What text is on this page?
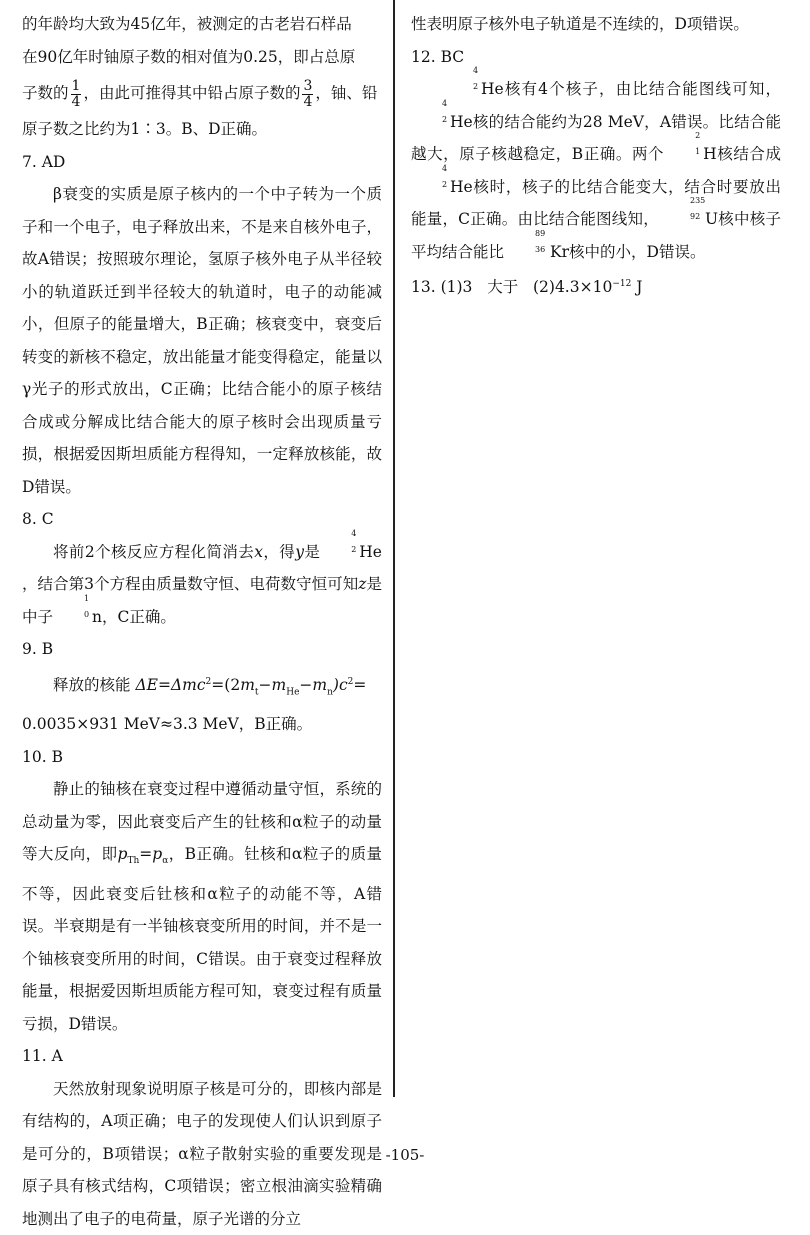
的年龄均大致为45亿年，被测定的古老岩石样品

在90亿年时铀原子数的相对值为0.25，即占总原

子数的 $\frac{1}{4}$ ，由此可推得其中铅占原子数的 $\frac{3}{4}$ ，铀、铅

原子数之比约为1∶3。B、D正确。

7. AD

β衰变的实质是原子核内的一个中子转为一个质子和一个电子，电子释放出来，不是来自核外电子，故A错误；按照玻尔理论，氢原子核外电子从半径较小的轨道跃迁到半径较大的轨道时，电子的动能减小，但原子的能量增大，B正确；核衰变中，衰变后转变的新核不稳定，放出能量才能变得稳定，能量以γ光子的形式放出，C正确；比结合能小的原子核结合成或分解成比结合能大的原子核时会出现质量亏损，根据爱因斯坦质能方程得知，一定释放核能，故D错误。

8. C

将前2个核反应方程化简消去x，得y是
4
2 He，结合第3个方程由质量数守恒、电荷数守恒可知z是中子
1
0 n，C正确。

9. B

释放的核能 $\Delta E=\Delta mc^2=(2m_t-m_{He}-m_n)c^2=$

0.0035×931 MeV≈3.3 MeV，B正确。

10. B

静止的铀核在衰变过程中遵循动量守恒，系统的总动量为零，因此衰变后产生的钍核和α粒子的动量等大反向，即$p_{Th}=p_\alpha$，B正确。钍核和α粒子的质量不等，因此衰变后钍核和α粒子的动能不等，A错误。半衰期是有一半铀核衰变所用的时间，并不是一个铀核衰变所用的时间，C错误。由于衰变过程释放能量，根据爱因斯坦质能方程可知，衰变过程有质量亏损，D错误。

11. A

天然放射现象说明原子核是可分的，即核内部是有结构的，A项正确；电子的发现使人们认识到原子是可分的，B项错误；α粒子散射实验的重要发现是原子具有核式结构，C项错误；密立根油滴实验精确地测出了电子的电荷量，原子光谱的分立

性表明原子核外电子轨道是不连续的，D项错误。

12. BC

4
2 He核有4个核子，由比结合能图线可知，
4
2 He核的结合能约为28 MeV，A错误。比结合能越大，原子核越稳定，B正确。两个
2
1 H核结合成
4
2 He核时，核子的比结合能变大，结合时要放出能量，C正确。由比结合能图线知，
235
92 U核中核子平均结合能比
89
36 Kr核中的小，D错误。

13. (1)3 大于 $(2)4.3\times 10^{-12}$ J

-105-
